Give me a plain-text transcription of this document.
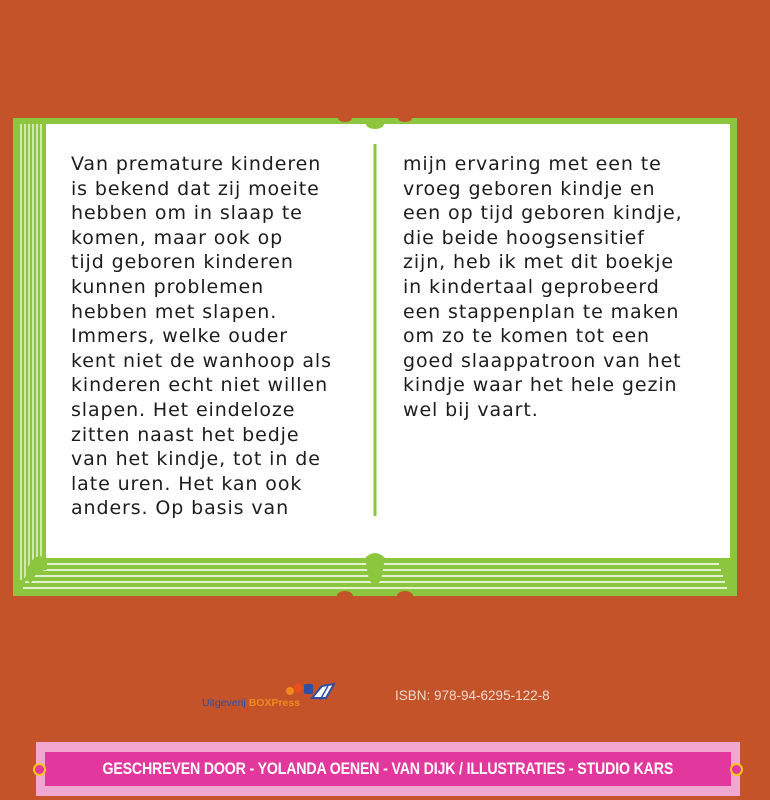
Van premature kinderen
is bekend dat zij moeite
hebben om in slaap te
komen, maar ook op
tijd geboren kinderen
kunnen problemen
hebben met slapen.
Immers, welke ouder
kent niet de wanhoop als
kinderen echt niet willen
slapen. Het eindeloze
zitten naast het bedje
van het kindje, tot in de
late uren. Het kan ook
anders. Op basis van

mijn ervaring met een te
vroeg geboren kindje en
een op tijd geboren kindje,
die beide hoogsensitief
zijn, heb ik met dit boekje
in kindertaal geprobeerd
een stappenplan te maken
om zo te komen tot een
goed slaappatroon van het
kindje waar het hele gezin
wel bij vaart.

Uitgeverij BOXPress	ISBN: 978-94-6295-122-8
GESCHREVEN DOOR - YOLANDA OENEN - VAN DIJK / ILLUSTRATIES - STUDIO KARS
